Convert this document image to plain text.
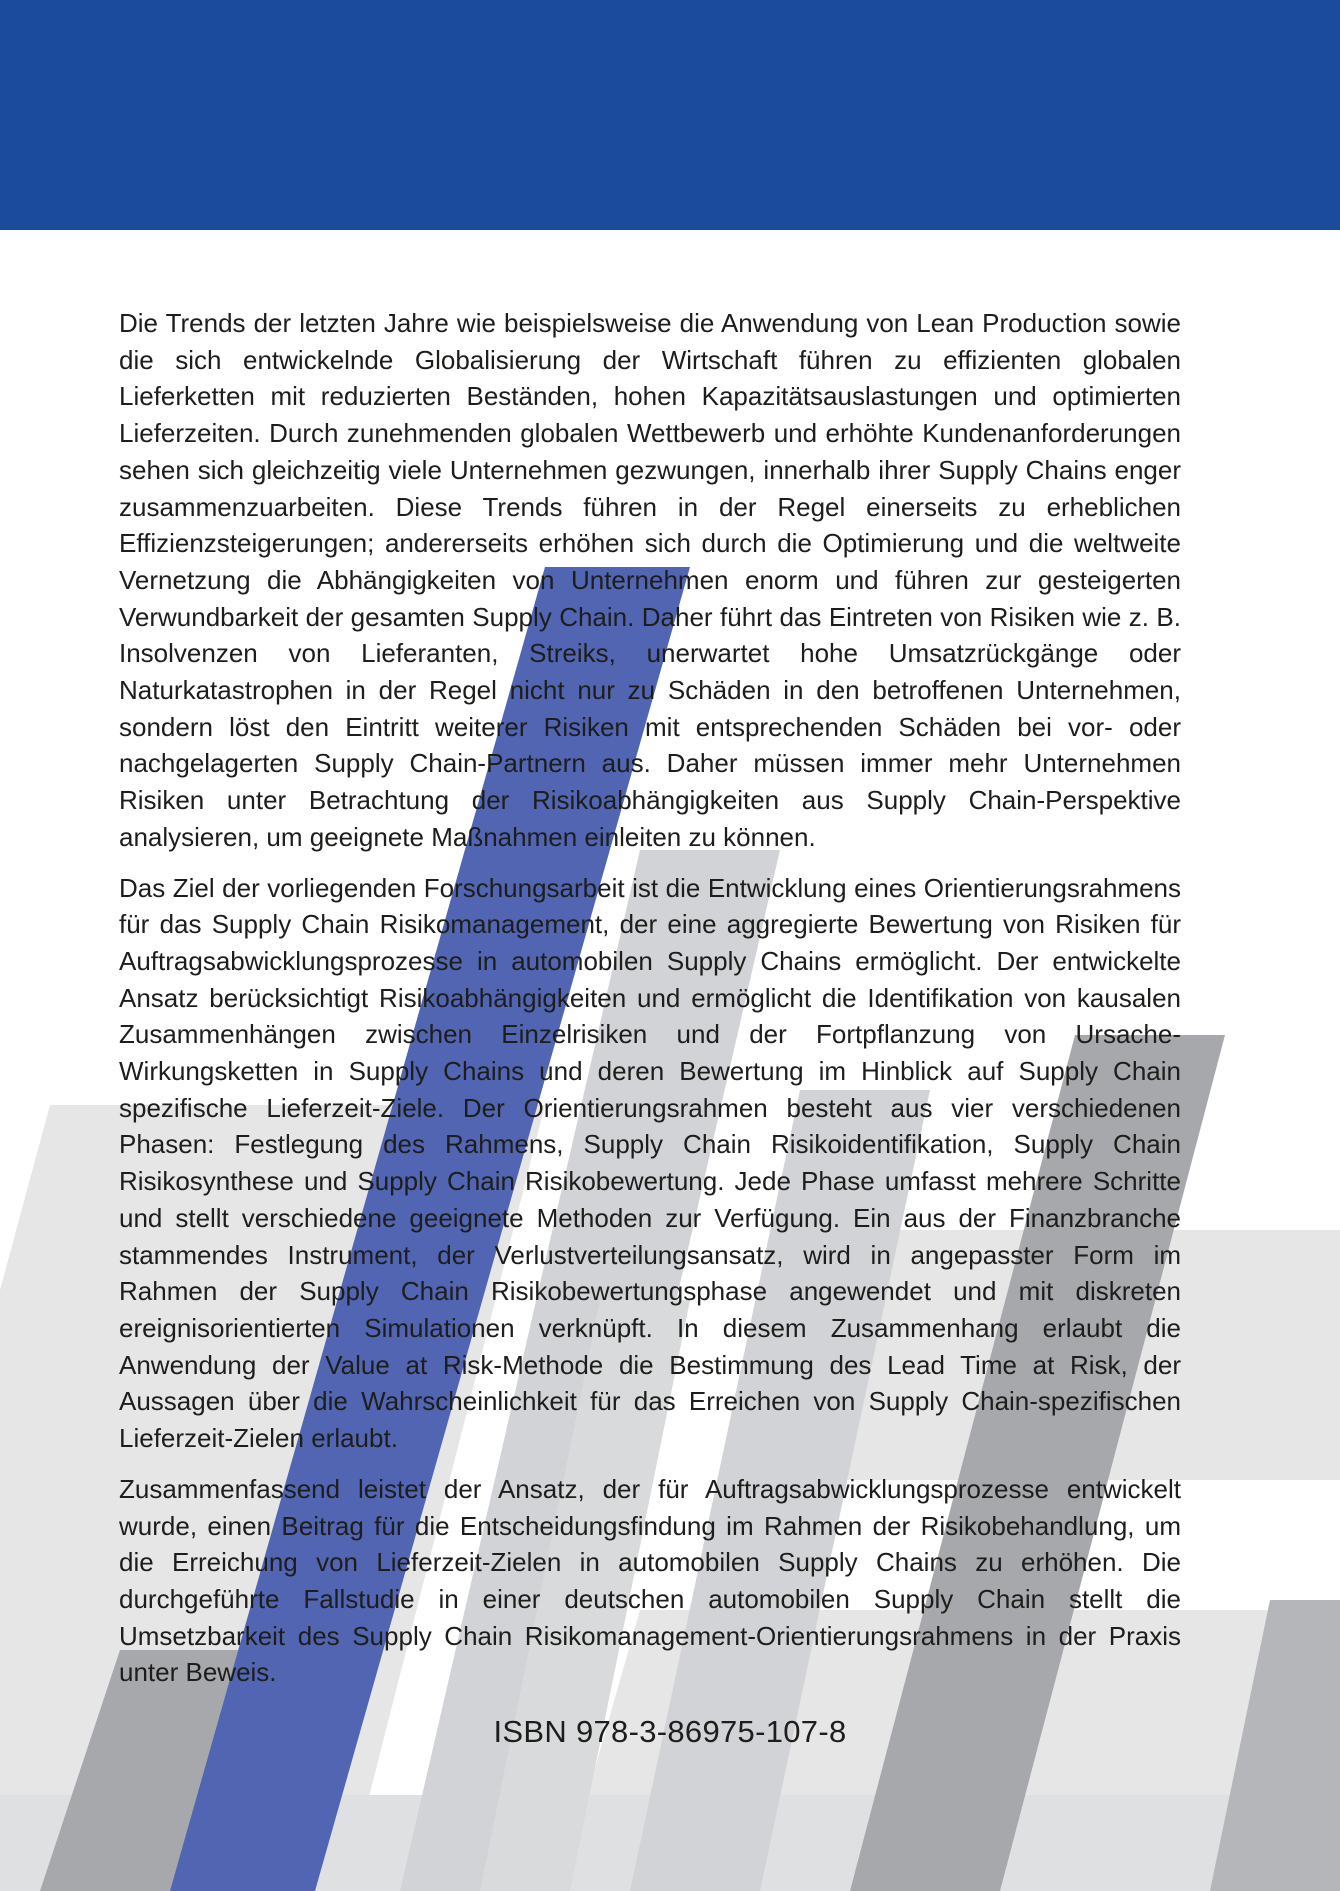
Die Trends der letzten Jahre wie beispielsweise die Anwendung von Lean Production sowie die sich entwickelnde Globalisierung der Wirtschaft führen zu effizienten globalen Lieferketten mit reduzierten Beständen, hohen Kapazitätsauslastungen und optimierten Lieferzeiten. Durch zunehmenden globalen Wettbewerb und erhöhte Kundenanforderungen sehen sich gleichzeitig viele Unternehmen gezwungen, innerhalb ihrer Supply Chains enger zusammenzuarbeiten. Diese Trends führen in der Regel einerseits zu erheblichen Effizienzsteigerungen; andererseits erhöhen sich durch die Optimierung und die weltweite Vernetzung die Abhängigkeiten von Unternehmen enorm und führen zur gesteigerten Verwundbarkeit der gesamten Supply Chain. Daher führt das Eintreten von Risiken wie z. B. Insolvenzen von Lieferanten, Streiks, unerwartet hohe Umsatzrückgänge oder Naturkatastrophen in der Regel nicht nur zu Schäden in den betroffenen Unternehmen, sondern löst den Eintritt weiterer Risiken mit entsprechenden Schäden bei vor- oder nachgelagerten Supply Chain-Partnern aus. Daher müssen immer mehr Unternehmen Risiken unter Betrachtung der Risikoabhängigkeiten aus Supply Chain-Perspektive analysieren, um geeignete Maßnahmen einleiten zu können.

Das Ziel der vorliegenden Forschungsarbeit ist die Entwicklung eines Orientierungsrahmens für das Supply Chain Risikomanagement, der eine aggregierte Bewertung von Risiken für Auftragsabwicklungsprozesse in automobilen Supply Chains ermöglicht. Der entwickelte Ansatz berücksichtigt Risikoabhängigkeiten und ermöglicht die Identifikation von kausalen Zusammenhängen zwischen Einzelrisiken und der Fortpflanzung von Ursache-Wirkungsketten in Supply Chains und deren Bewertung im Hinblick auf Supply Chain spezifische Lieferzeit-Ziele. Der Orientierungsrahmen besteht aus vier verschiedenen Phasen: Festlegung des Rahmens, Supply Chain Risikoidentifikation, Supply Chain Risikosynthese und Supply Chain Risikobewertung. Jede Phase umfasst mehrere Schritte und stellt verschiedene geeignete Methoden zur Verfügung. Ein aus der Finanzbranche stammendes Instrument, der Verlustverteilungsansatz, wird in angepasster Form im Rahmen der Supply Chain Risikobewertungsphase angewendet und mit diskreten ereignisorientierten Simulationen verknüpft. In diesem Zusammenhang erlaubt die Anwendung der Value at Risk-Methode die Bestimmung des Lead Time at Risk, der Aussagen über die Wahrscheinlichkeit für das Erreichen von Supply Chain-spezifischen Lieferzeit-Zielen erlaubt.

Zusammenfassend leistet der Ansatz, der für Auftragsabwicklungsprozesse entwickelt wurde, einen Beitrag für die Entscheidungsfindung im Rahmen der Risikobehandlung, um die Erreichung von Lieferzeit-Zielen in automobilen Supply Chains zu erhöhen. Die durchgeführte Fallstudie in einer deutschen automobilen Supply Chain stellt die Umsetzbarkeit des Supply Chain Risikomanagement-Orientierungsrahmens in der Praxis unter Beweis.

ISBN 978-3-86975-107-8
